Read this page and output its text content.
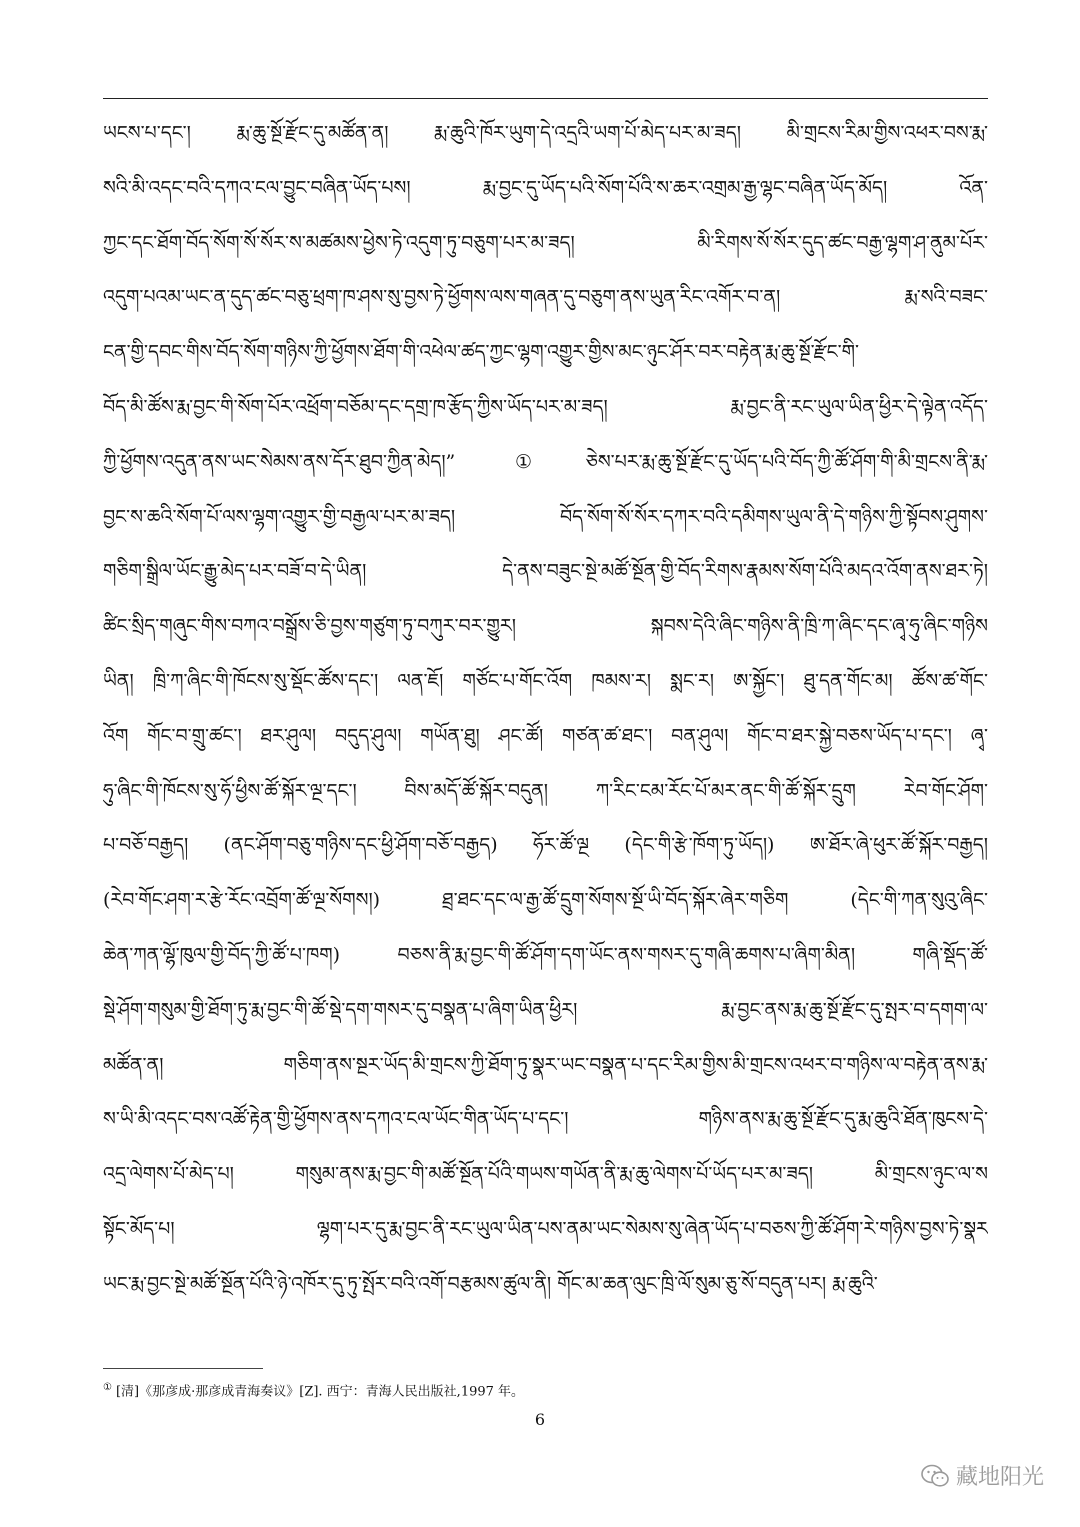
ཡངས་པ་དང་། རྨ་ཆུ་སྔོ་རྫོང་དུ་མཚོན་ན། རྨ་ཆུའི་ཁོར་ཡུག་དེ་འདྲའི་ཡག་པོ་མེད་པར་མ་ཟད། མི་གྲངས་རིམ་གྱིས་འཕར་བས་རྨ་
སའི་མི་འདང་བའི་དཀའ་ངལ་བྱུང་བཞིན་ཡོད་པས། རྨ་བྱང་དུ་ཡོད་པའི་སོག་པོའི་ས་ཆར་འགྲམ་རྒྱ་ལྷང་བཞིན་ཡོད་མོད། འོན་
ཀྱང་དང་ཐོག་བོད་སོག་སོ་སོར་ས་མཚམས་ཕྱེས་ཏེ་འདུག་ཏུ་བཅུག་པར་མ་ཟད། མི་རིགས་སོ་སོར་དུད་ཚང་བརྒྱ་ལྷག་ཤ་ནུམ་པོར་
འདུག་པའམ་ཡང་ན་དུད་ཚང་བཅུ་ཕྲག་ཁ་ཤས་སུ་བྱས་ཏེ་ཕྱོགས་ལས་གཞན་དུ་བཅུག་ནས་ཡུན་རིང་འགོར་བ་ན། རྨ་སའི་བཟང་
ངན་གྱི་དབང་གིས་བོད་སོག་གཉིས་ཀྱི་ཕྱོགས་ཐོག་གི་འཕེལ་ཚད་ཀྱང་ལྷག་འགྱུར་གྱིས་མང་ཉུང་ཤོར་བར་བརྟེན་རྨ་ཆུ་སྔོ་རྫོང་གི་
བོད་མི་ཚོས་རྨ་བྱང་གི་སོག་པོར་འཕྲོག་བཅོམ་དང་དགྲ་ཁ་རྩོད་ཀྱིས་ཡོད་པར་མ་ཟད། རྨ་བྱང་ནི་རང་ཡུལ་ཡིན་ཕྱིར་དེ་ལྟེན་འདོད་
ཀྱི་ཕྱོགས་འདུན་ནས་ཡང་སེམས་ནས་དོར་ཐུབ་ཀྱིན་མེད།” ①ཅེས་པར་རྨ་ཆུ་སྔོ་རྫོང་དུ་ཡོད་པའི་བོད་ཀྱི་ཚོ་ཤོག་གི་མི་གྲངས་ནི་རྨ་
བྱང་ས་ཆའི་སོག་པོ་ལས་ལྷག་འགྱུར་གྱི་བརྒྱལ་པར་མ་ཟད། བོད་སོག་སོ་སོར་དཀར་བའི་དམིགས་ཡུལ་ནི་དེ་གཉིས་ཀྱི་སྟོབས་ཤུགས་
གཅིག་སྒྲིལ་ཡོང་རྒྱུ་མེད་པར་བཟོ་བ་དེ་ཡིན། དེ་ནས་བཟུང་སྔེ་མཚོ་སྔོན་གྱི་བོད་རིགས་རྣམས་སོག་པོའི་མདའ་འོག་ནས་ཐར་ཏེ།
ཚིང་སྲིད་གཞུང་གིས་བཀའ་བསྒྲོས་ཅི་བྱས་གཙུག་ཏུ་བཀུར་བར་གྱུར། སྐབས་དེའི་ཞིང་གཉིས་ནི་ཁྲི་ཀ་ཞིང་དང་ཞྭ་ཧུ་ཞིང་གཉིས
ཡིན། ཁྲི་ཀ་ཞིང་གི་ཁོངས་སུ་སྡོང་ཚོས་དང་། ལན་ཇོ། གཙོང་པ་གོང་འོག ཁམས་ར། སྨང་ར། ཨ་སྐྱོང་། ཐུ་དན་གོང་མ། ཚོས་ཚ་གོང་
འོག གོང་བ་གྲུ་ཚང་། ཐར་ཤུལ། བདུད་ཤུལ། གཡོན་ཐུ། ཤང་ཚོ། གཙན་ཚ་ཐང་། བན་ཤུལ། གོང་བ་ཐར་སྐྱེ་བཅས་ཡོད་པ་དང་། ཞྭ་
ཧུ་ཞིང་གི་ཁོངས་སུ་ཧོ་ཕྱིས་ཚོ་སྐོར་ལྔ་དང་། བིས་མདོ་ཚོ་སྐོར་བདུན། ཀ་རིང་ངམ་རོང་པོ་མར་ནང་གི་ཚོ་སྐོར་དྲུག རེབ་གོང་ཤོག་
པ་བཅོ་བརྒྱད། (ནང་ཤོག་བཅུ་གཉིས་དང་ཕྱི་ཤོག་བཅོ་བརྒྱད) ཧོར་ཚོ་ལྔ (དེང་གི་རྩེ་ཁོག་ཏུ་ཡོད།) ཨ་ཐོར་ཞེ་ཕུར་ཚོ་སྐོར་བརྒྱད།
(རེབ་གོང་ཤག་ར་རྩེ་རོང་འབྲོག་ཚོ་ལྔ་སོགས།) ཐྲ་ཐང་དང་ལ་རྒྱ་ཚོ་དྲུག་སོགས་སྔོ་ཡི་བོད་སྐོར་ཞེར་གཅིག (དེང་གི་ཀན་སུའུ་ཞིང་
ཆེན་ཀན་ལྷོ་ཁུལ་གྱི་བོད་ཀྱི་ཚོ་པ་ཁག) བཅས་ནི་རྨ་བྱང་གི་ཚོ་ཤོག་དག་ཡོང་ནས་གསར་དུ་གཞི་ཆགས་པ་ཞིག་མིན། གཞི་སྡོད་ཚོ་
སྡེ་ཤོག་གསུམ་གྱི་ཐོག་ཏུ་རྨ་བྱང་གི་ཚོ་སྡེ་དག་གསར་དུ་བསྣན་པ་ཞིག་ཡིན་ཕྱིར། རྨ་བྱང་ནས་རྨ་ཆུ་སྔོ་རྫོང་དུ་སྤར་བ་དགག་ལ་
མཚོན་ན། གཅིག་ནས་སྔར་ཡོད་མི་གྲངས་ཀྱི་ཐོག་ཏུ་སྣར་ཡང་བསྣན་པ་དང་རིམ་གྱིས་མི་གྲངས་འཕར་བ་གཉིས་ལ་བརྟེན་ནས་རྨ་
ས་ཡི་མི་འདང་བས་འཚོ་རྟེན་གྱི་ཕྱོགས་ནས་དཀའ་ངལ་ཡོང་གིན་ཡོད་པ་དང་། གཉིས་ནས་རྨ་ཆུ་སྔོ་རྫོང་དུ་རྨ་ཆུའི་ཐོན་ཁུངས་དེ་
འདྲ་ལེགས་པོ་མེད་པ། གསུམ་ནས་རྨ་བྱང་གི་མཚོ་སྔོན་པོའི་གཡས་གཡོན་ནི་རྨ་ཆུ་ལེགས་པོ་ཡོད་པར་མ་ཟད། མི་གྲངས་ཉུང་ལ་ས
སྟོང་མོད་པ། ལྷག་པར་དུ་རྨ་བྱང་ནི་རང་ཡུལ་ཡིན་པས་ནམ་ཡང་སེམས་སུ་ཞེན་ཡོད་པ་བཅས་ཀྱི་ཚོ་ཤོག་རེ་གཉིས་བྱས་ཏེ་སྣར
ཡང་རྨ་བྱང་སྔེ་མཚོ་སྔོན་པོའི་ཉེ་འཁོར་དུ་ཏུ་སྤོར་བའི་འགོ་བརྩམས་ཚུལ་ནི། གོང་མ་ཆན་ལུང་ཁྲི་ལོ་སུམ་ཅུ་སོ་བདུན་པར། རྨ་ཆུའི་
① [清]《那彦成·那彦成青海奏议》[Z]. 西宁：青海人民出版社,1997 年。
6
藏地阳光
